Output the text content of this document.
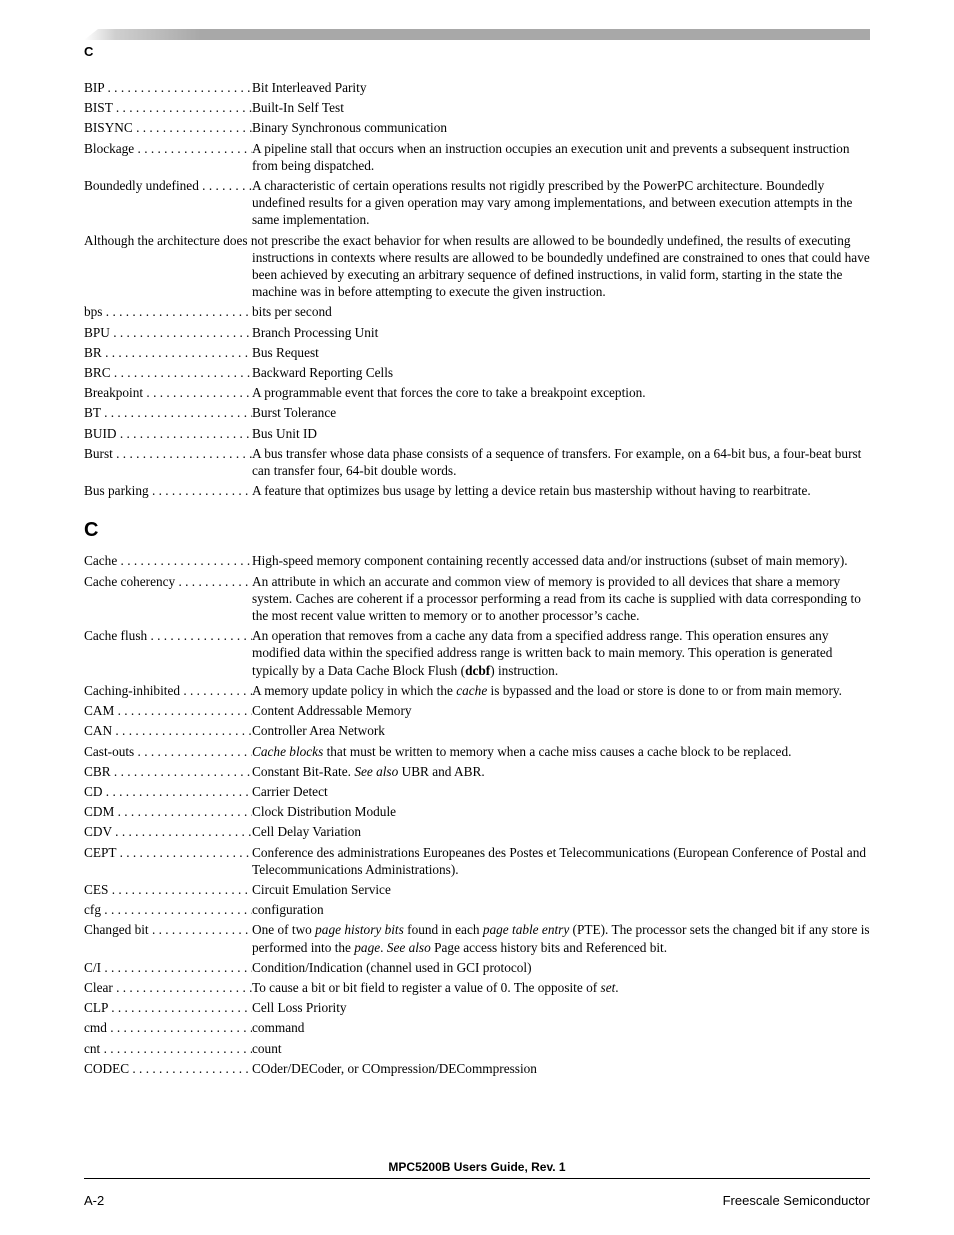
C
BIP . . .	Bit Interleaved Parity
BIST . . .	Built-In Self Test
BISYNC . . .	Binary Synchronous communication
Blockage . . .	A pipeline stall that occurs when an instruction occupies an execution unit and prevents a subsequent instruction from being dispatched.
Boundedly undefined . . .	A characteristic of certain operations results not rigidly prescribed by the PowerPC architecture. Boundedly undefined results for a given operation may vary among implementations, and between execution attempts in the same implementation.
Although the architecture does not prescribe the exact behavior for when results are allowed to be boundedly undefined, the results of executing instructions in contexts where results are allowed to be boundedly undefined are constrained to ones that could have been achieved by executing an arbitrary sequence of defined instructions, in valid form, starting in the state the machine was in before attempting to execute the given instruction.
bps . . .	bits per second
BPU . . .	Branch Processing Unit
BR . . .	Bus Request
BRC . . .	Backward Reporting Cells
Breakpoint . . .	A programmable event that forces the core to take a breakpoint exception.
BT . . .	Burst Tolerance
BUID . . .	Bus Unit ID
Burst . . .	A bus transfer whose data phase consists of a sequence of transfers. For example, on a 64-bit bus, a four-beat burst can transfer four, 64-bit double words.
Bus parking . . .	A feature that optimizes bus usage by letting a device retain bus mastership without having to rearbitrate.
C
Cache . . .	High-speed memory component containing recently accessed data and/or instructions (subset of main memory).
Cache coherency . . .	An attribute in which an accurate and common view of memory is provided to all devices that share a memory system. Caches are coherent if a processor performing a read from its cache is supplied with data corresponding to the most recent value written to memory or to another processor’s cache.
Cache flush . . .	An operation that removes from a cache any data from a specified address range. This operation ensures any modified data within the specified address range is written back to main memory. This operation is generated typically by a Data Cache Block Flush (dcbf) instruction.
Caching-inhibited . . .	A memory update policy in which the cache is bypassed and the load or store is done to or from main memory.
CAM . . .	Content Addressable Memory
CAN . . .	Controller Area Network
Cast-outs . . .	Cache blocks that must be written to memory when a cache miss causes a cache block to be replaced.
CBR . . .	Constant Bit-Rate. See also UBR and ABR.
CD . . .	Carrier Detect
CDM . . .	Clock Distribution Module
CDV . . .	Cell Delay Variation
CEPT . . .	Conference des administrations Europeanes des Postes et Telecommunications (European Conference of Postal and Telecommunications Administrations).
CES . . .	Circuit Emulation Service
cfg . . .	configuration
Changed bit . . .	One of two page history bits found in each page table entry (PTE). The processor sets the changed bit if any store is performed into the page. See also Page access history bits and Referenced bit.
C/I . . .	Condition/Indication (channel used in GCI protocol)
Clear . . .	To cause a bit or bit field to register a value of 0. The opposite of set.
CLP . . .	Cell Loss Priority
cmd . . .	command
cnt . . .	count
CODEC . . .	COder/DECoder, or COmpression/DECommpression
MPC5200B Users Guide, Rev. 1
A-2	Freescale Semiconductor
